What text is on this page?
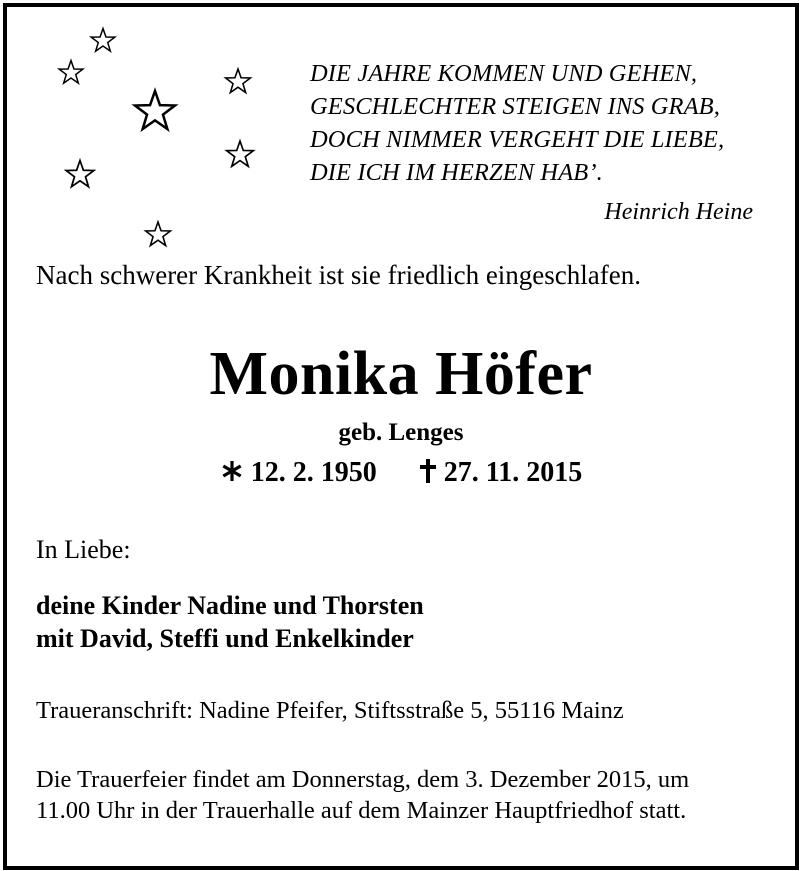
DIE JAHRE KOMMEN UND GEHEN,
GESCHLECHTER STEIGEN INS GRAB,
DOCH NIMMER VERGEHT DIE LIEBE,
DIE ICH IM HERZEN HAB’.
Heinrich Heine
Nach schwerer Krankheit ist sie friedlich eingeschlafen.
Monika Höfer
geb. Lenges
12. 2. 1950 27. 11. 2015
In Liebe:
deine Kinder Nadine und Thorsten
mit David, Steffi und Enkelkinder
Traueranschrift: Nadine Pfeifer, Stiftsstraße 5, 55116 Mainz
Die Trauerfeier findet am Donnerstag, dem 3. Dezember 2015, um
11.00 Uhr in der Trauerhalle auf dem Mainzer Hauptfriedhof statt.
